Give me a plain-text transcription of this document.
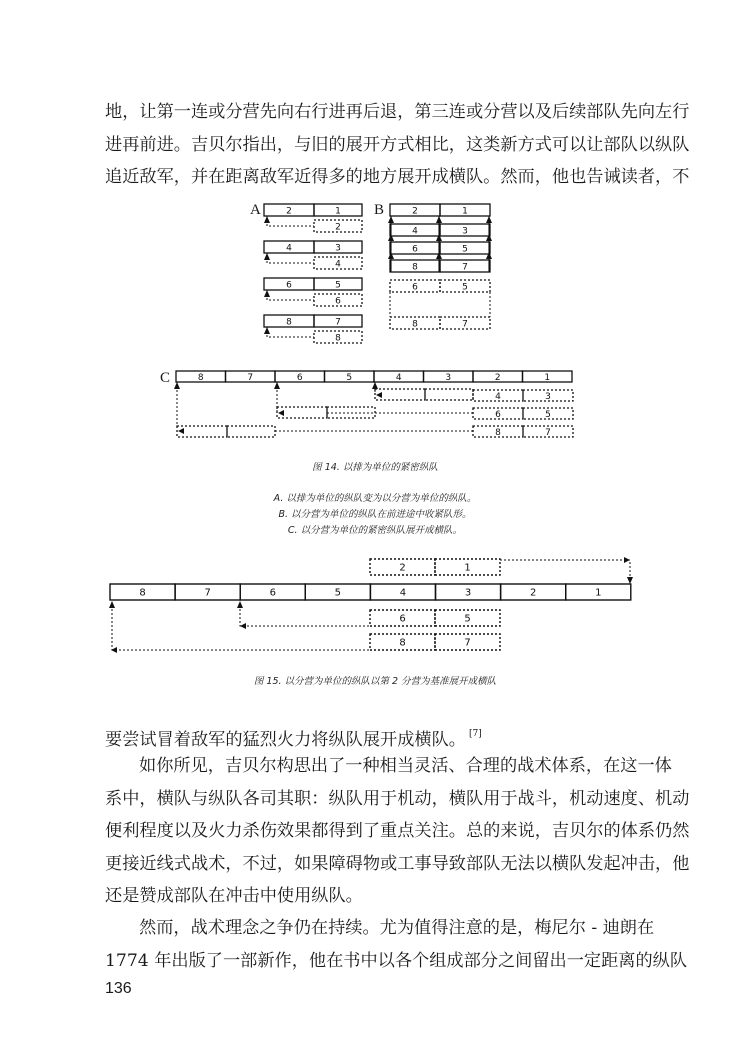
地，让第一连或分营先向右行进再后退，第三连或分营以及后续部队先向左行
进再前进。吉贝尔指出，与旧的展开方式相比，这类新方式可以让部队以纵队
追近敌军，并在距离敌军近得多的地方展开成横队。然而，他也告诫读者，不
A	B
C
2	1
2
4	3
4
6	5
6
8	7
8
2	1
4	3
6	5
8	7
6	5
8	7
8	7	6	5	4	3	2	1
4	3
6	5
8	7
图 14. 以排为单位的紧密纵队
A. 以排为单位的纵队变为以分营为单位的纵队。
B. 以分营为单位的纵队在前进途中收紧队形。
C. 以分营为单位的紧密纵队展开成横队。
8	7	6	5	4	3	2	1
2	1
6	5
8	7
图 15. 以分营为单位的纵队以第 2 分营为基准展开成横队
要尝试冒着敌军的猛烈火力将纵队展开成横队。 [7]
如你所见，吉贝尔构思出了一种相当灵活、合理的战术体系，在这一体
系中，横队与纵队各司其职：纵队用于机动，横队用于战斗，机动速度、机动
便利程度以及火力杀伤效果都得到了重点关注。总的来说，吉贝尔的体系仍然
更接近线式战术，不过，如果障碍物或工事导致部队无法以横队发起冲击，他
还是赞成部队在冲击中使用纵队。
然而，战术理念之争仍在持续。尤为值得注意的是，梅尼尔 - 迪朗在
1774 年出版了一部新作，他在书中以各个组成部分之间留出一定距离的纵队
136
